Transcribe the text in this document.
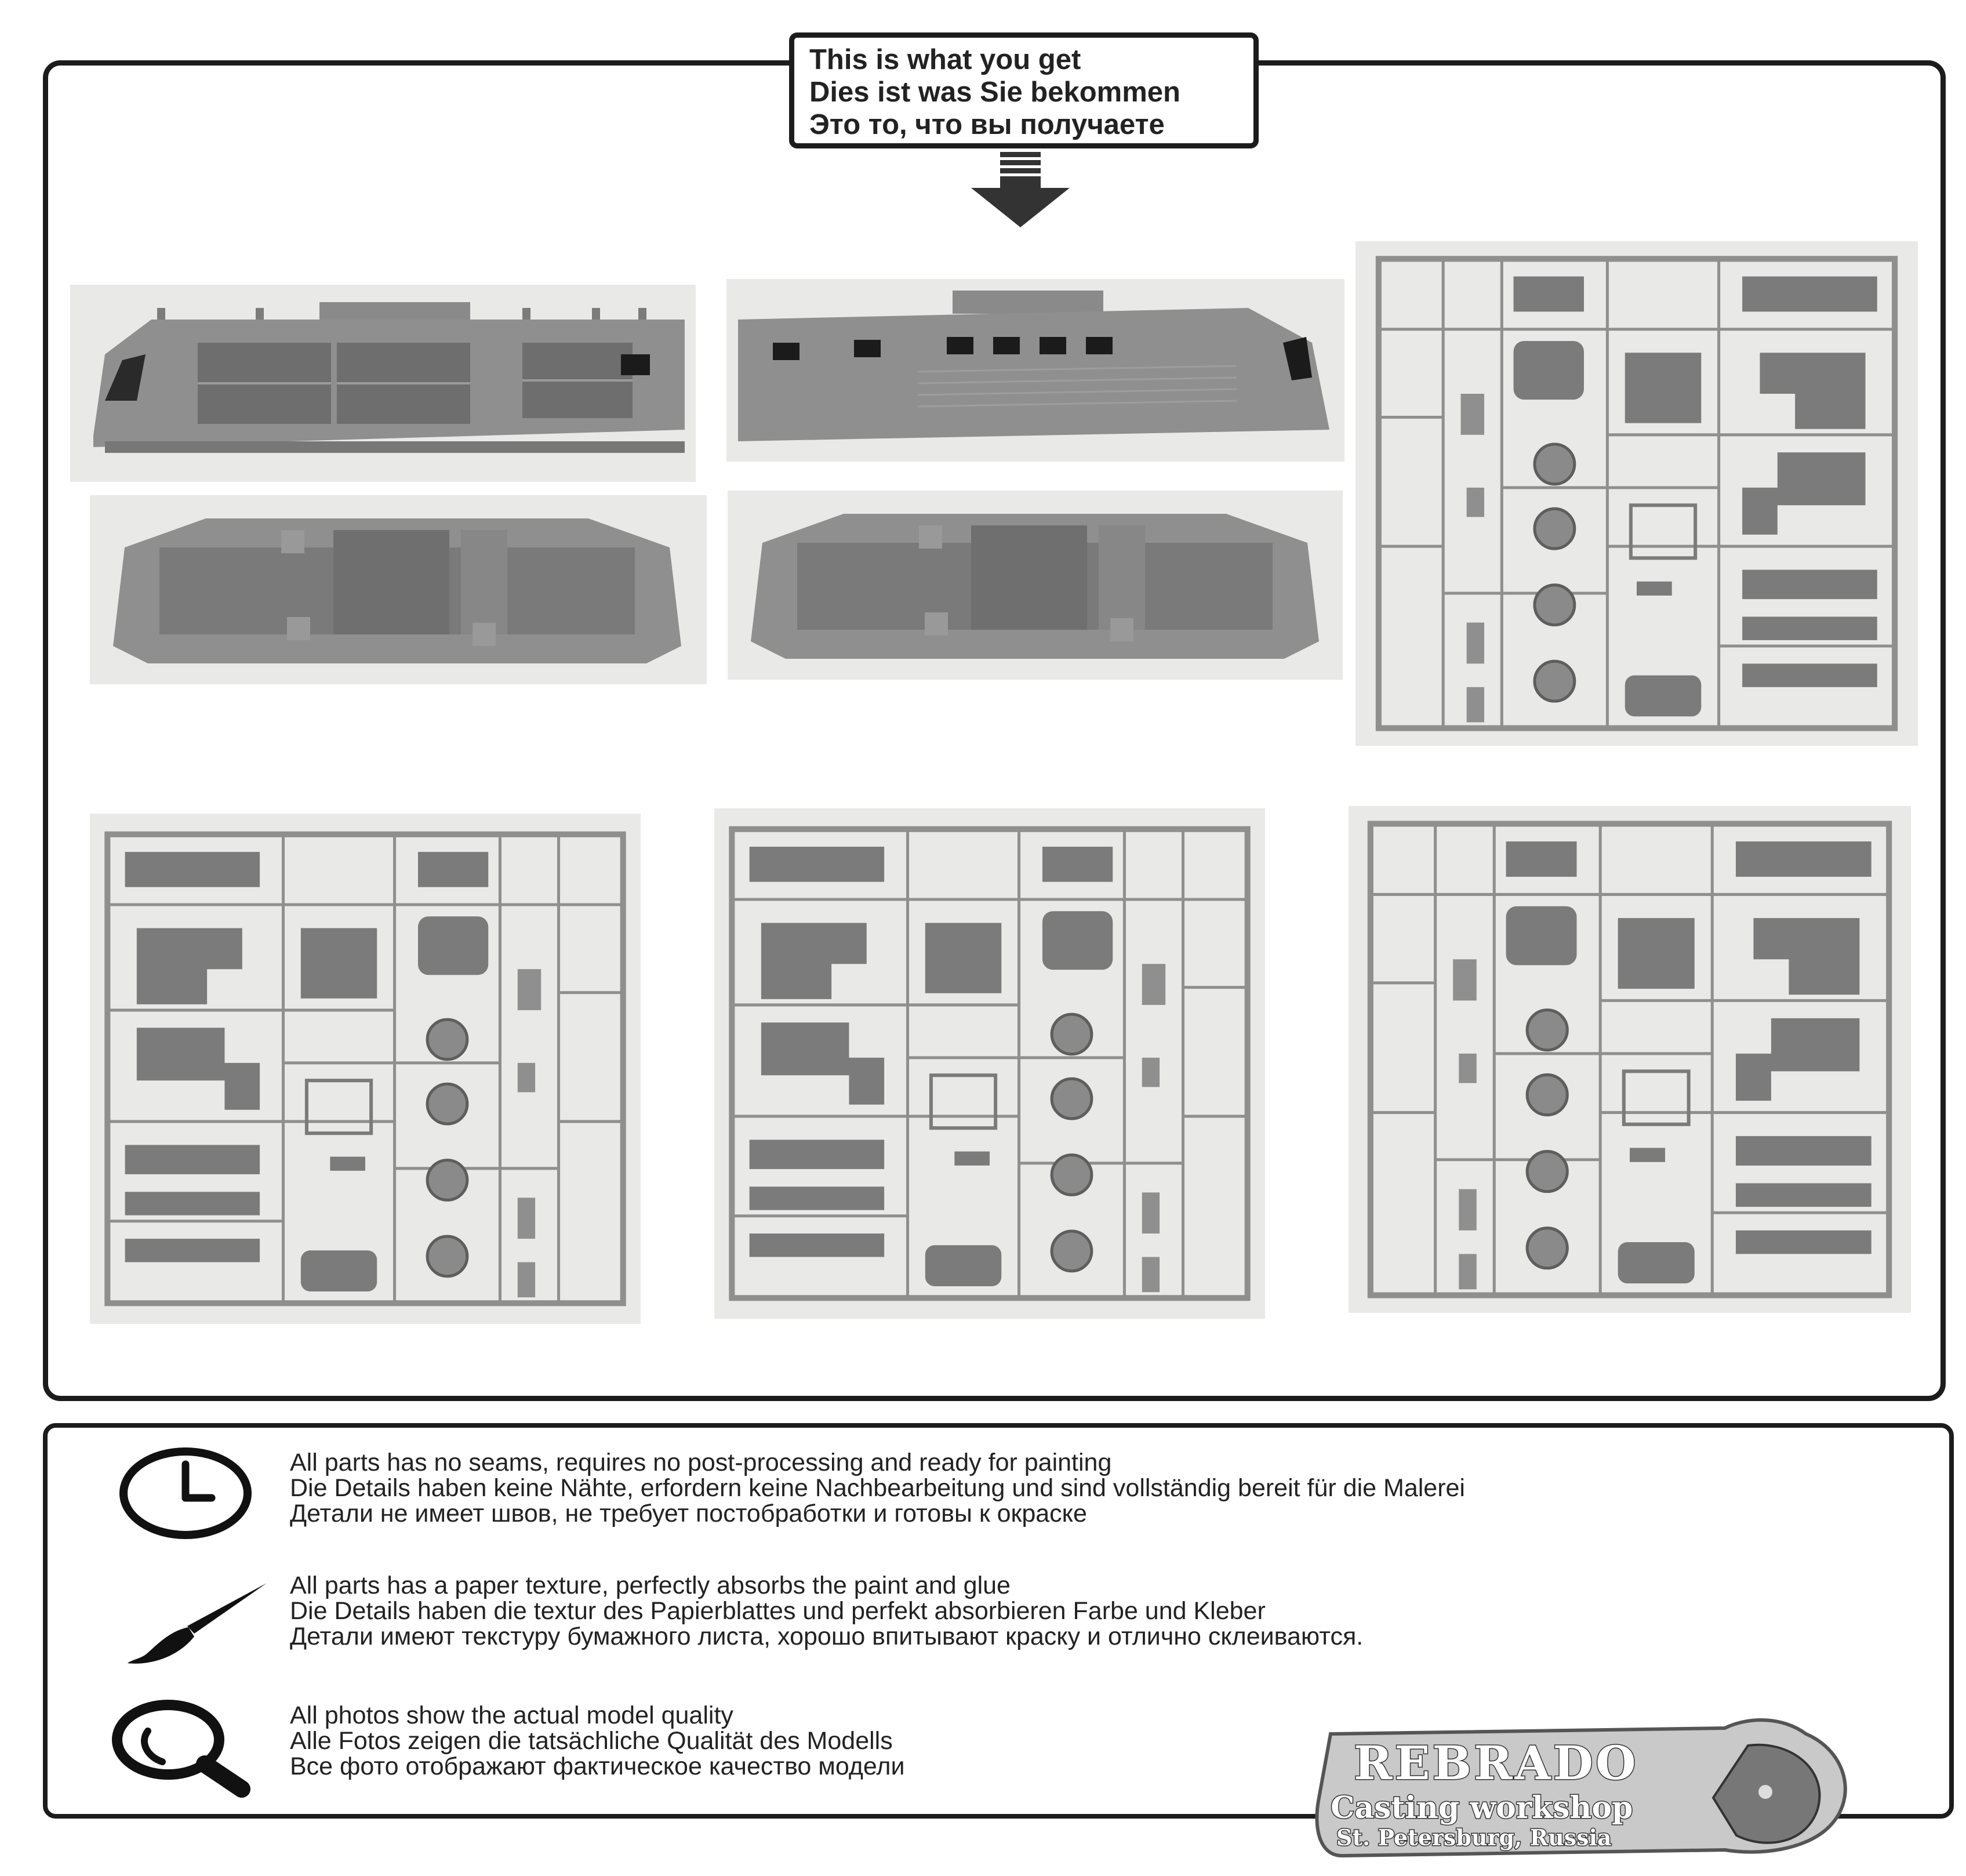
This is what you get
Dies ist was Sie bekommen
Это то, что вы получаете
All parts has no seams, requires no post-processing and ready for painting
Die Details haben keine Nähte, erfordern keine Nachbearbeitung und sind vollständig bereit für die Malerei
Детали не имеет швов, не требует постобработки и готовы к окраске
All parts has a paper texture, perfectly absorbs the paint and glue
Die Details haben die textur des Papierblattes und perfekt absorbieren Farbe und Kleber
Детали имеют текстуру бумажного листа, хорошо впитывают краску и отлично склеиваются.
All photos show the actual model quality
Alle Fotos zeigen die tatsächliche Qualität des Modells
Все фото отображают фактическое качество модели	REBRADO
Casting workshop
St. Petersburg, Russia
